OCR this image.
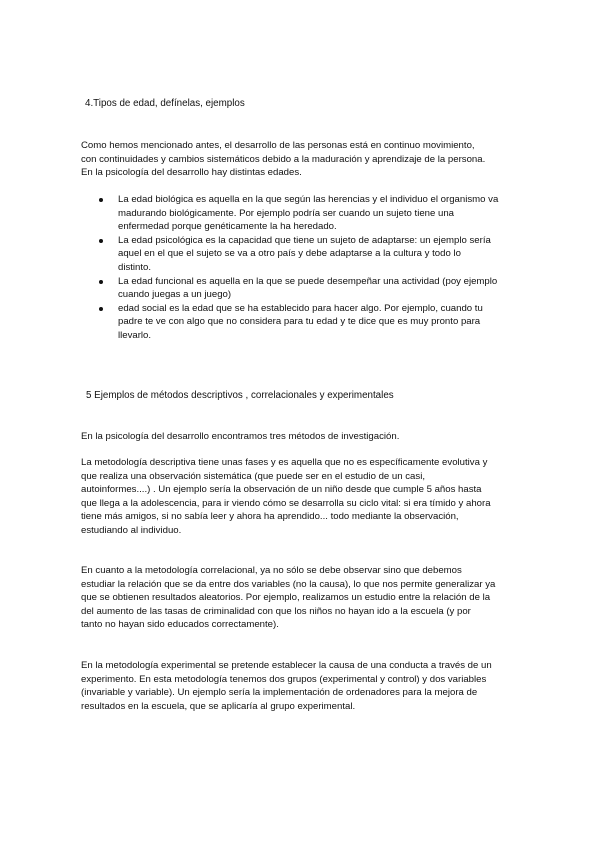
4.Tipos de edad, defínelas, ejemplos
Como hemos mencionado antes, el desarrollo de las personas está en continuo movimiento,
con continuidades y cambios sistemáticos debido a la maduración y aprendizaje de la persona.
En la psicología del desarrollo hay distintas edades.
La edad biológica es aquella en la que según las herencias y el individuo el organismo va
madurando biológicamente. Por ejemplo podría ser cuando un sujeto tiene una
enfermedad porque genéticamente la ha heredado.
La edad psicológica es la capacidad que tiene un sujeto de adaptarse: un ejemplo sería
aquel en el que el sujeto se va a otro país y debe adaptarse a la cultura y todo lo
distinto.
La edad funcional es aquella en la que se puede desempeñar una actividad (poy ejemplo
cuando juegas a un juego)
edad social es la edad que se ha establecido para hacer algo. Por ejemplo, cuando tu
padre te ve con algo que no considera para tu edad y te dice que es muy pronto para
llevarlo.
5 Ejemplos de métodos descriptivos , correlacionales y experimentales
En la psicología del desarrollo encontramos tres métodos de investigación.
La metodología descriptiva tiene unas fases y es aquella que no es específicamente evolutiva y
que realiza una observación sistemática (que puede ser en el estudio de un casi,
autoinformes....) . Un ejemplo sería la observación de un niño desde que cumple 5 años hasta
que llega a la adolescencia, para ir viendo cómo se desarrolla su ciclo vital: si era tímido y ahora
tiene más amigos, si no sabía leer y ahora ha aprendido... todo mediante la observación,
estudiando al individuo.
En cuanto a la metodología correlacional, ya no sólo se debe observar sino que debemos
estudiar la relación que se da entre dos variables (no la causa), lo que nos permite generalizar ya
que se obtienen resultados aleatorios. Por ejemplo, realizamos un estudio entre la relación de la
del aumento de las tasas de criminalidad con que los niños no hayan ido a la escuela (y por
tanto no hayan sido educados correctamente).
En la metodología experimental se pretende establecer la causa de una conducta a través de un
experimento. En esta metodología tenemos dos grupos (experimental y control) y dos variables
(invariable y variable). Un ejemplo sería la implementación de ordenadores para la mejora de
resultados en la escuela, que se aplicaría al grupo experimental.
